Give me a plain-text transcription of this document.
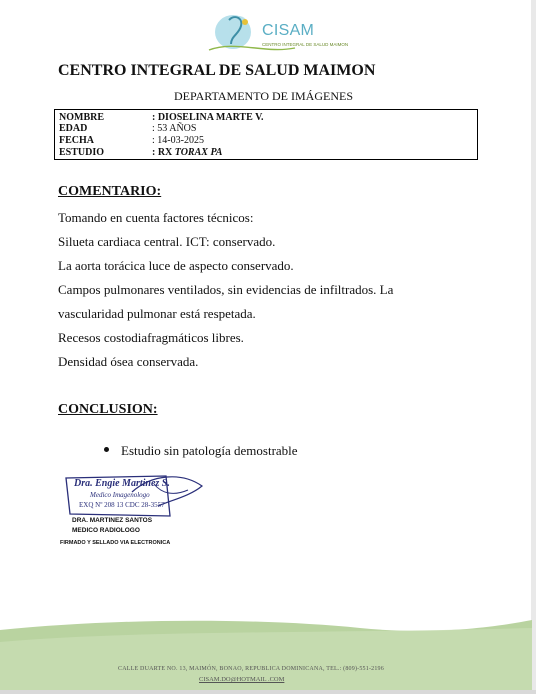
CISAM
CENTRO INTEGRAL DE SALUD MAIMON
CENTRO INTEGRAL DE SALUD MAIMON
DEPARTAMENTO DE IMÁGENES
NOMBRE	: DIOSELINA MARTE V.
EDAD	: 53 AÑOS
FECHA	: 14-03-2025
ESTUDIO	: RX TORAX PA
COMENTARIO:
Tomando en cuenta factores técnicos:
Silueta cardiaca central. ICT: conservado.
La aorta torácica luce de aspecto conservado.
Campos pulmonares ventilados, sin evidencias de infiltrados. La
vascularidad pulmonar está respetada.
Recesos costodiafragmáticos libres.
Densidad ósea conservada.
CONCLUSION:
Estudio sin patología demostrable
Dra. Engie Martinez S.
Medico Imagenologo
EXQ Nº 208 13 CDC 28-3557
DRA. MARTINEZ SANTOS
MEDICO RADIOLOGO
FIRMADO Y SELLADO VIA ELECTRONICA
CALLE DUARTE NO. 13, MAIMÓN, BONAO, REPUBLICA DOMINICANA, TEL.: (809)-551-2196
CISAM.DO@HOTMAIL .COM
